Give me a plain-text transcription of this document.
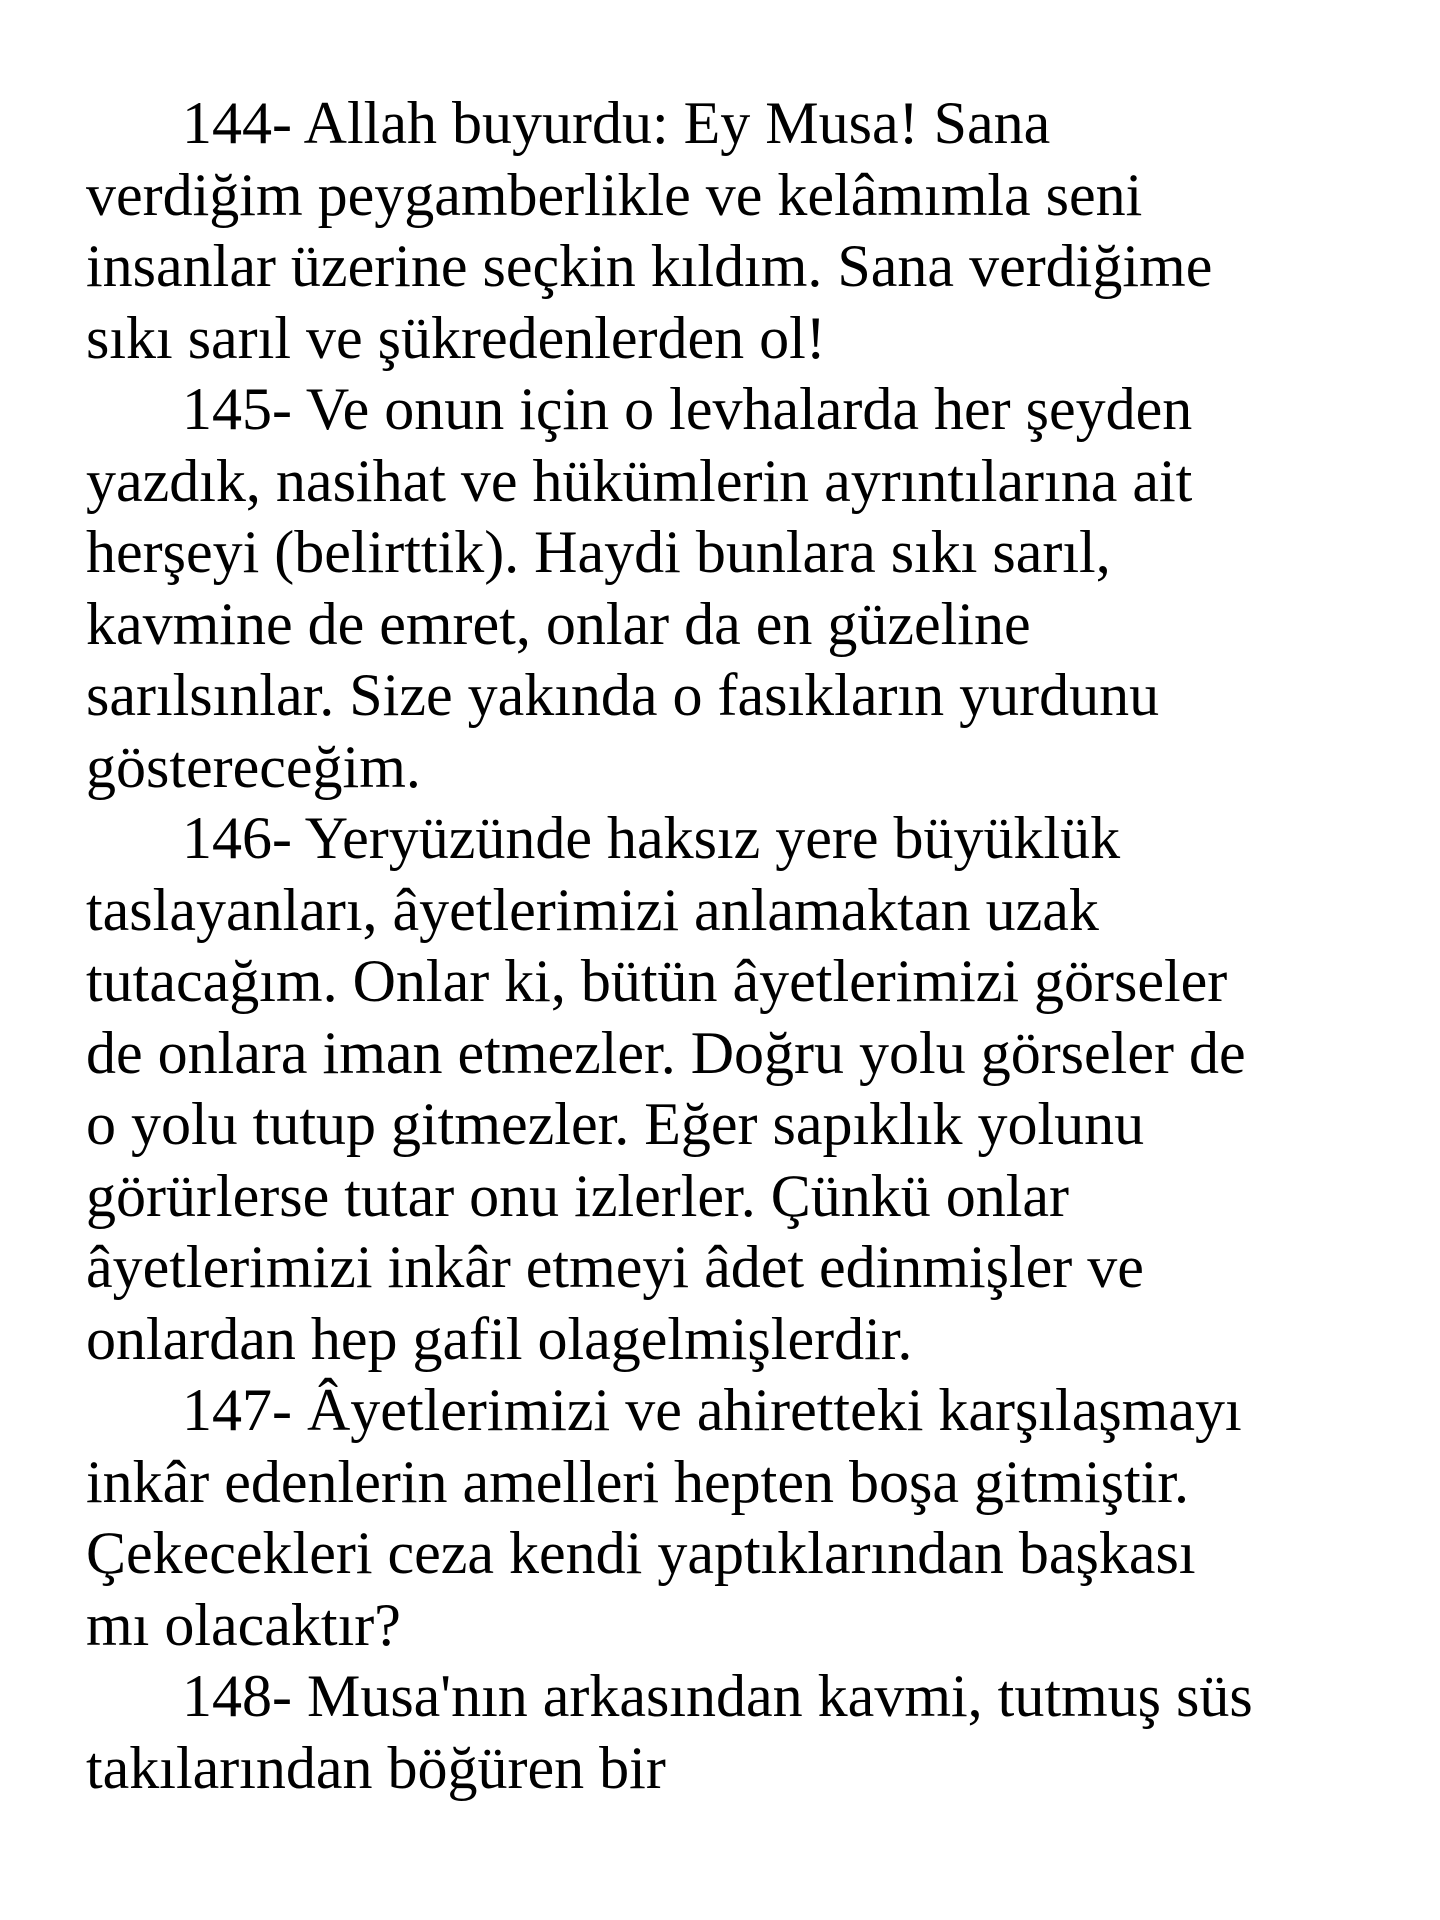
144- Allah buyurdu: Ey Musa! Sana
verdiğim peygamberlikle ve kelâmımla seni
insanlar üzerine seçkin kıldım. Sana verdiğime
sıkı sarıl ve şükredenlerden ol!

145- Ve onun için o levhalarda her şeyden
yazdık, nasihat ve hükümlerin ayrıntılarına ait
herşeyi (belirttik). Haydi bunlara sıkı sarıl,
kavmine de emret, onlar da en güzeline
sarılsınlar. Size yakında o fasıkların yurdunu
göstereceğim.

146- Yeryüzünde haksız yere büyüklük
taslayanları, âyetlerimizi anlamaktan uzak
tutacağım. Onlar ki, bütün âyetlerimizi görseler
de onlara iman etmezler. Doğru yolu görseler de
o yolu tutup gitmezler. Eğer sapıklık yolunu
görürlerse tutar onu izlerler. Çünkü onlar
âyetlerimizi inkâr etmeyi âdet edinmişler ve
onlardan hep gafil olagelmişlerdir.

147- Âyetlerimizi ve ahiretteki karşılaşmayı
inkâr edenlerin amelleri hepten boşa gitmiştir.
Çekecekleri ceza kendi yaptıklarından başkası
mı olacaktır?

148- Musa'nın arkasından kavmi, tutmuş süs
takılarından böğüren bir
